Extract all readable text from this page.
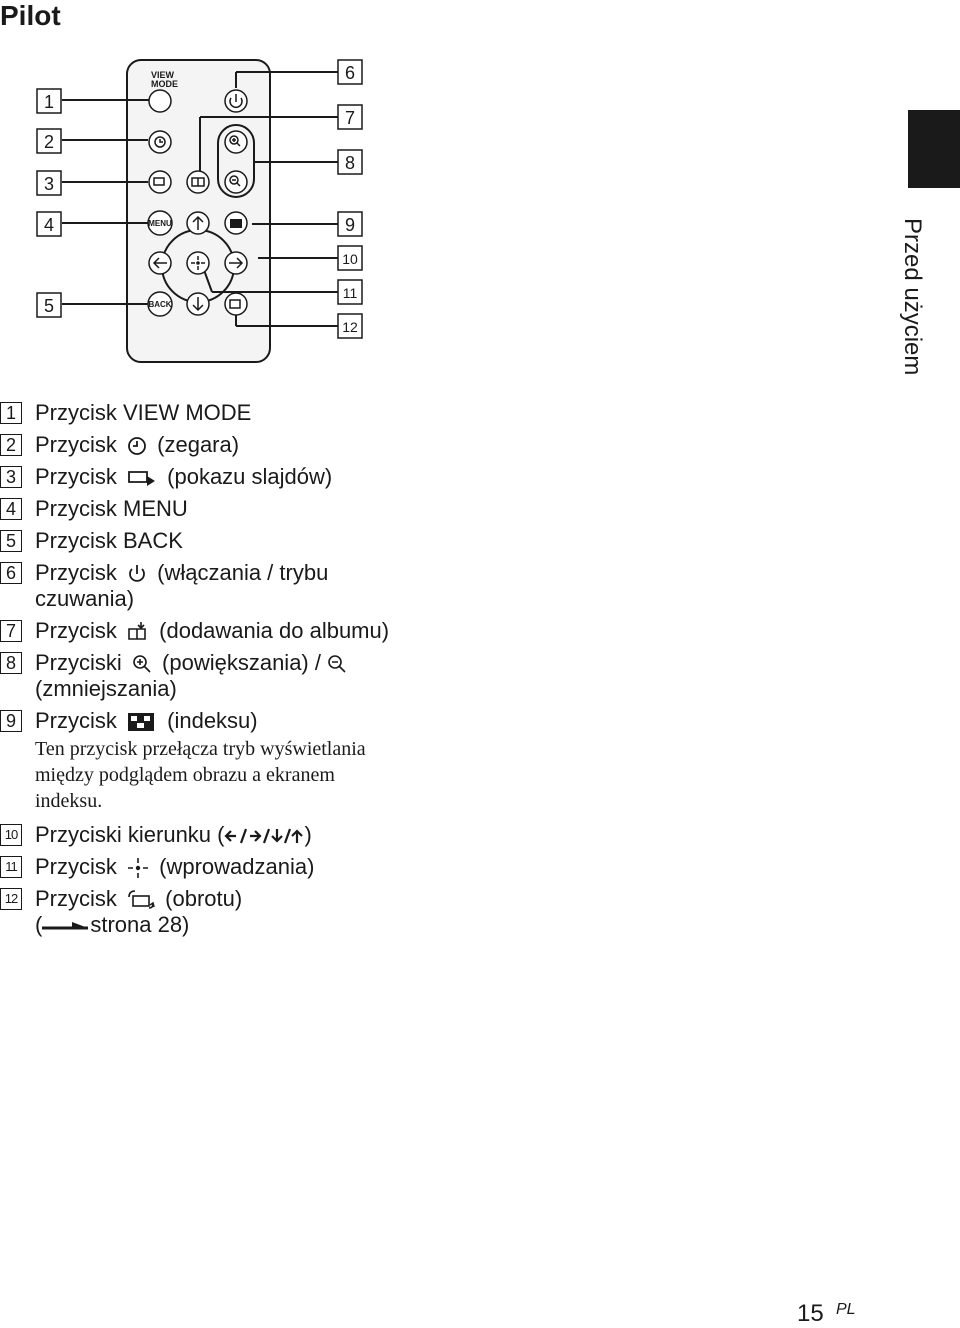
Pilot
Przed użyciem
VIEW
MODE
MENU
BACK
1
2
3
4
5
6
7
8
9
10
11
12
1 Przycisk VIEW MODE
2 Przycisk (zegara)
3 Przycisk (pokazu slajdów)
4 Przycisk MENU
5 Przycisk BACK
6 Przycisk (włączania / trybu czuwania)
7 Przycisk (dodawania do albumu)
8 Przyciski (powiększania) /  (zmniejszania)
9 Przycisk (indeksu)
Ten przycisk przełącza tryb wyświetlania między podglądem obrazu a ekranem indeksu.
10 Przyciski kierunku (	)
11 Przycisk (wprowadzania)
12 Przycisk (obrotu)
( strona 28)
15 PL
